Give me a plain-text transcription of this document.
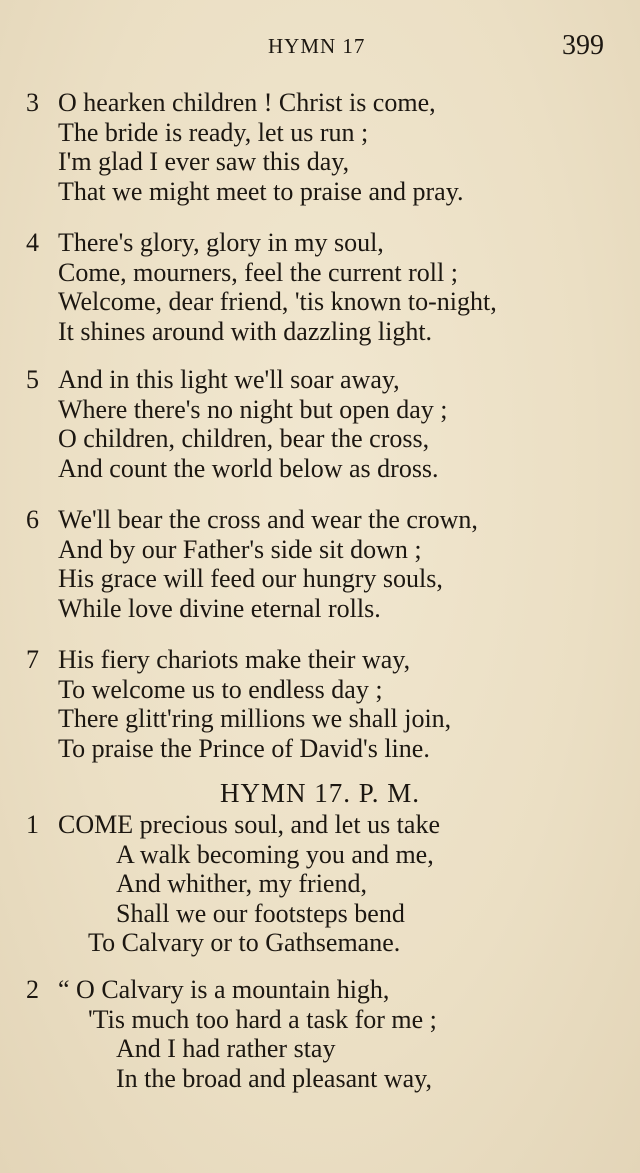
HYMN 17	399
3 O hearken children ! Christ is come,
The bride is ready, let us run ;
I'm glad I ever saw this day,
That we might meet to praise and pray.
4 There's glory, glory in my soul,
Come, mourners, feel the current roll ;
Welcome, dear friend, 'tis known to-night,
It shines around with dazzling light.
5 And in this light we'll soar away,
Where there's no night but open day ;
O children, children, bear the cross,
And count the world below as dross.
6 We'll bear the cross and wear the crown,
And by our Father's side sit down ;
His grace will feed our hungry souls,
While love divine eternal rolls.
7 His fiery chariots make their way,
To welcome us to endless day ;
There glitt'ring millions we shall join,
To praise the Prince of David's line.
HYMN 17. P. M.
1 COME precious soul, and let us take
A walk becoming you and me,
And whither, my friend,
Shall we our footsteps bend
To Calvary or to Gathsemane.
2 “ O Calvary is a mountain high,
'Tis much too hard a task for me ;
And I had rather stay
In the broad and pleasant way,
